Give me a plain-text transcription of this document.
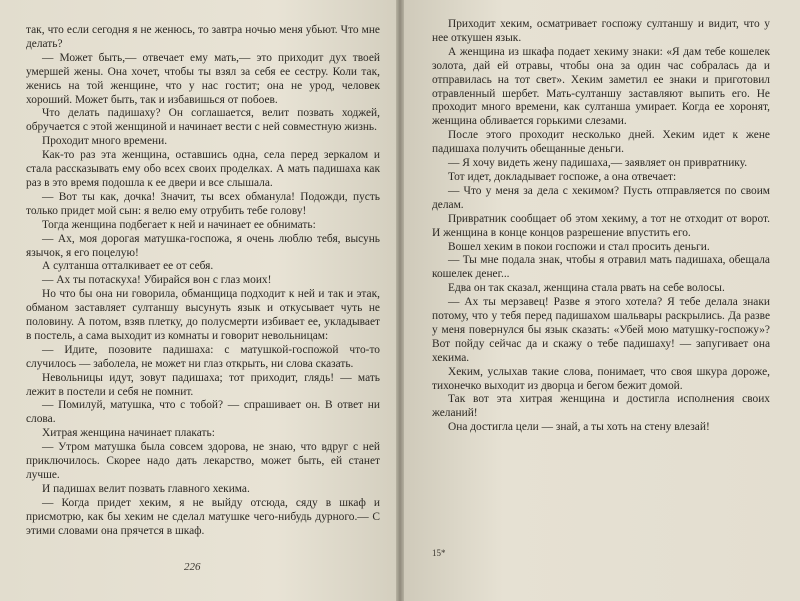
так, что если сегодня я не женюсь, то завтра ночью меня убьют. Что мне делать?

— Может быть,— отвечает ему мать,— это приходит дух твоей умершей жены. Она хочет, чтобы ты взял за себя ее сестру. Коли так, женись на той женщине, что у нас гостит; она не урод, человек хороший. Может быть, так и избавишься от побоев.

Что делать падишаху? Он соглашается, велит позвать ходжей, обручается с этой женщиной и начинает вести с ней совместную жизнь.

Проходит много времени.

Как-то раз эта женщина, оставшись одна, села перед зеркалом и стала рассказывать ему обо всех своих проделках. А мать падишаха как раз в это время подошла к ее двери и все слышала.

— Вот ты как, дочка! Значит, ты всех обманула! Подожди, пусть только придет мой сын: я велю ему отрубить тебе голову!

Тогда женщина подбегает к ней и начинает ее обнимать:

— Ах, моя дорогая матушка-госпожа, я очень люблю тебя, высунь язычок, я его поцелую!

А султанша отталкивает ее от себя.

— Ах ты потаскуха! Убирайся вон с глаз моих!

Но что бы она ни говорила, обманщица подходит к ней и так и этак, обманом заставляет султаншу высунуть язык и откусывает чуть не половину. А потом, взяв плетку, до полусмерти избивает ее, укладывает в постель, а сама выходит из комнаты и говорит невольницам:

— Идите, позовите падишаха: с матушкой-госпожой что-то случилось — заболела, не может ни глаз открыть, ни слова сказать.

Невольницы идут, зовут падишаха; тот приходит, глядь! — мать лежит в постели и себя не помнит.

— Помилуй, матушка, что с тобой? — спрашивает он. В ответ ни слова.

Хитрая женщина начинает плакать:

— Утром матушка была совсем здорова, не знаю, что вдруг с ней приключилось. Скорее надо дать лекарство, может быть, ей станет лучше.

И падишах велит позвать главного хекима.

— Когда придет хеким, я не выйду отсюда, сяду в шкаф и присмотрю, как бы хеким не сделал матушке чего-нибудь дурного.— С этими словами она прячется в шкаф.

226

Приходит хеким, осматривает госпожу султаншу и видит, что у нее откушен язык.

А женщина из шкафа подает хекиму знаки: «Я дам тебе кошелек золота, дай ей отравы, чтобы она за один час собралась да и отправилась на тот свет». Хеким заметил ее знаки и приготовил отравленный шербет. Мать-султаншу заставляют выпить его. Не проходит много времени, как султанша умирает. Когда ее хоронят, женщина обливается горькими слезами.

После этого проходит несколько дней. Хеким идет к жене падишаха получить обещанные деньги.

— Я хочу видеть жену падишаха,— заявляет он привратнику.

Тот идет, докладывает госпоже, а она отвечает:

— Что у меня за дела с хекимом? Пусть отправляется по своим делам.

Привратник сообщает об этом хекиму, а тот не отходит от ворот. И женщина в конце концов разрешение впустить его.

Вошел хеким в покои госпожи и стал просить деньги.

— Ты мне подала знак, чтобы я отравил мать падишаха, обещала кошелек денег...

Едва он так сказал, женщина стала рвать на себе волосы.

— Ах ты мерзавец! Разве я этого хотела? Я тебе делала знаки потому, что у тебя перед падишахом шальвары раскрылись. Да разве у меня повернулся бы язык сказать: «Убей мою матушку-госпожу»? Вот пойду сейчас да и скажу о тебе падишаху! — запугивает она хекима.

Хеким, услыхав такие слова, понимает, что своя шкура дороже, тихонечко выходит из дворца и бегом бежит домой.

Так вот эта хитрая женщина и достигла исполнения своих желаний!

Она достигла цели — знай, а ты хоть на стену влезай!

15*
